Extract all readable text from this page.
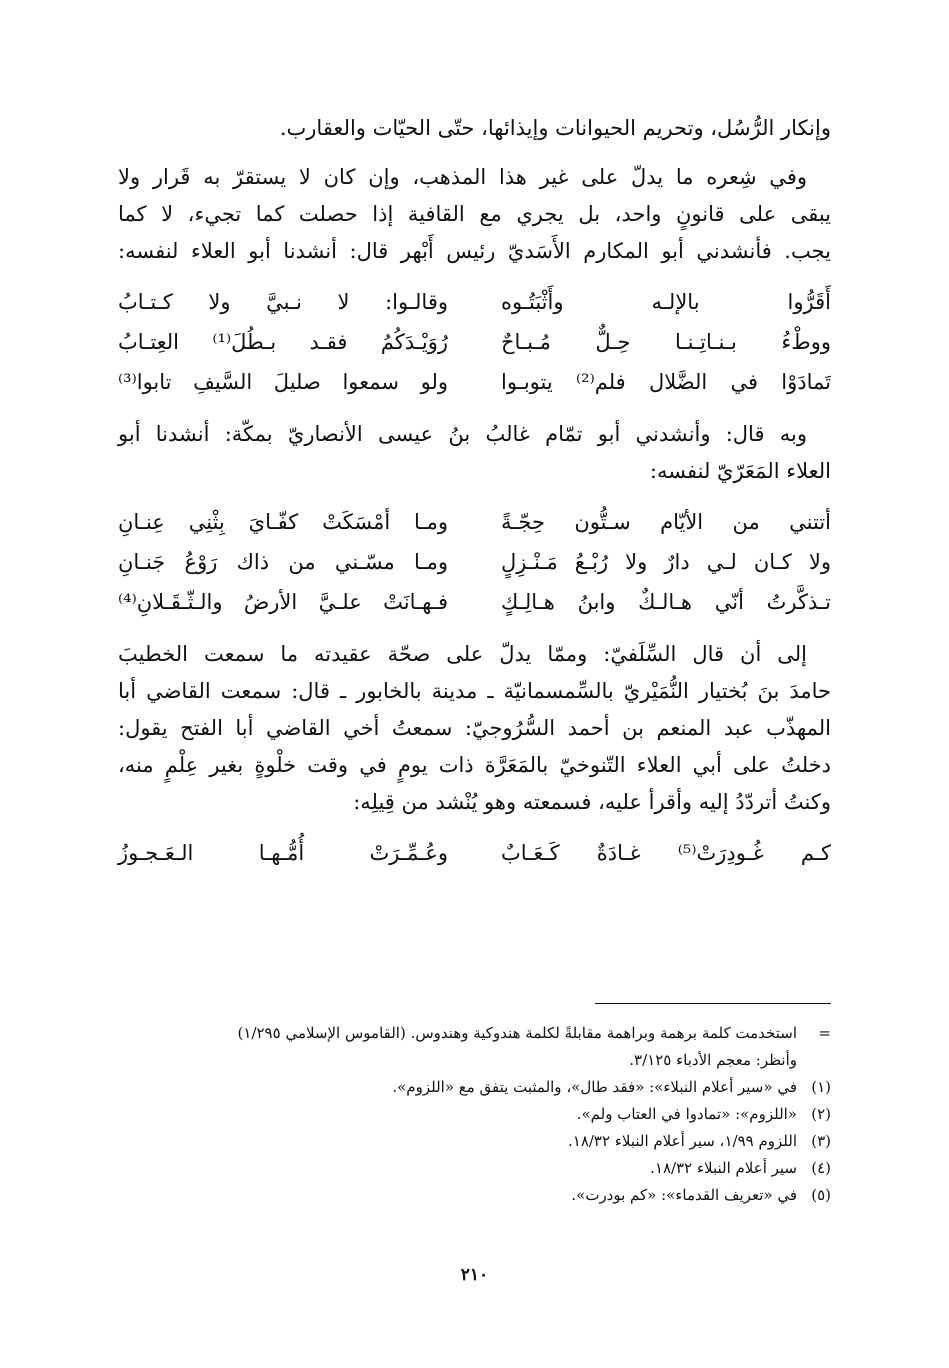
وإنكار الرُّسُل، وتحريم الحيوانات وإيذائها، حتّى الحيّات والعقارب.
وفي شِعره ما يدلّ على غير هذا المذهب، وإن كان لا يستقرّ به قَرار ولا
يبقى على قانونٍ واحد، بل يجري مع القافية إذا حصلت كما تجيء، لا كما
يجب. فأنشدني أبو المكارم الأَسَديّ رئيس أَبْهر قال: أنشدنا أبو العلاء لنفسه:
أَقَرُّوا بالإلـه وأَثْبَتُـوه
وقالـوا: لا نـبيَّ ولا كـتـابُ
ووطْءُ بـنـاتِـنـا حِـلٌّ مُـبـاحٌ
رُوَيْـدَكُمُ فقـد بـطُلَ⁽¹⁾ العِتـابُ
تَمادَوْا في الضَّلال فلم⁽²⁾ يتوبـوا
ولو سمعوا صليلَ السَّيفِ تابوا⁽³⁾
وبه قال: وأنشدني أبو تمّام غالبُ بنُ عيسى الأنصاريّ بمكّة: أنشدنا أبو
العلاء المَعَرّيّ لنفسه:
أتتني من الأيّام سـتُّون حِجّـةً
ومـا أمْسَكَتْ كفّـايَ بِثْنِي عِنـانِ
ولا كـان لـي دارٌ ولا رُبْـعُ مَـنْـزِلٍ
ومـا مسّـني من ذاك رَوْعُ جَنـانِ
تـذكَّرتُ أنّي هـالـكٌ وابنُ هـالِـكٍ
فـهـانَتْ علـيَّ الأرضُ والـثّـقَـلانِ⁽⁴⁾
إلى أن قال السِّلَفيّ: وممّا يدلّ على صحّة عقيدته ما سمعت الخطيبَ
حامدَ بنَ بُختيار النُّمَيْريّ بالسِّمسمانيّة ـ مدينة بالخابور ـ قال: سمعت القاضي أبا
المهذّب عبد المنعم بن أحمد السُّرُوجيّ: سمعتُ أخي القاضي أبا الفتح يقول:
دخلتُ على أبي العلاء التّنوخيّ بالمَعَرَّة ذات يومٍ في وقت خلْوةٍ بغير عِلْمٍ منه،
وكنتُ أتردّدُ إليه وأقرأ عليه، فسمعته وهو يُنْشد من قِيلِه:
كـم غُـودِرَتْ⁽⁵⁾ غـادَةٌ كَـعَـابٌ
وعُـمِّـرَتْ أُمُّـهـا الـعَـجـوزُ
=
استخدمت كلمة برهمة وبراهمة مقابلةً لكلمة هندوكية وهندوس. (القاموس الإسلامي ١/٢٩٥)
وأنظر: معجم الأدباء ٣/١٢٥.
(١)
في «سير أعلام النبلاء»: «فقد طال»، والمثبت يتفق مع «اللزوم».
(٢)
«اللزوم»: «تمادوا في العتاب ولم».
(٣)
اللزوم ١/٩٩، سير أعلام النبلاء ١٨/٣٢.
(٤)
سير أعلام النبلاء ١٨/٣٢.
(٥)
في «تعريف القدماء»: «كم بودرت».
٢١٠
